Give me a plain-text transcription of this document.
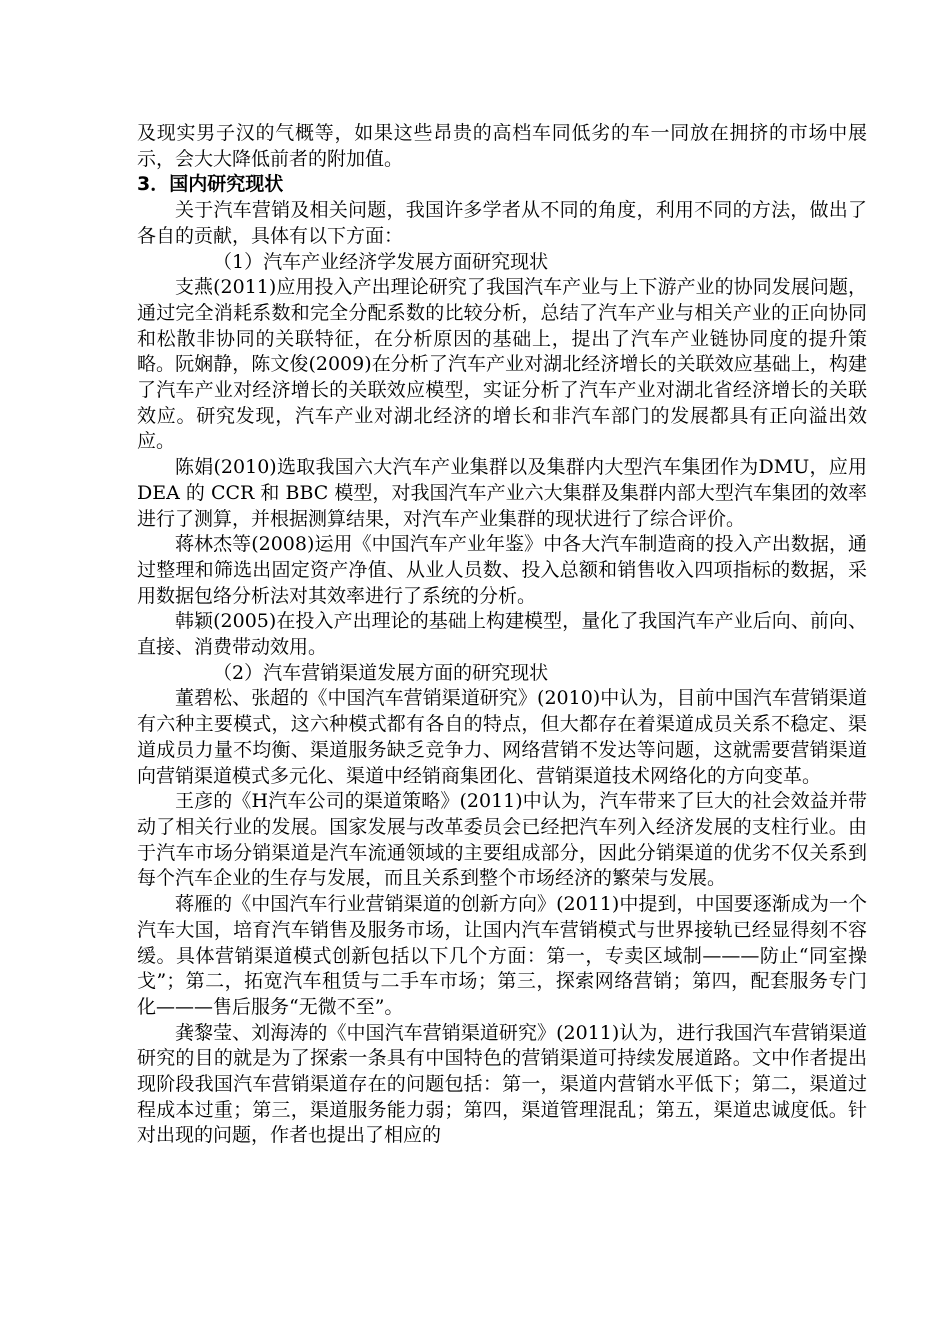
及现实男子汉的气概等，如果这些昂贵的高档车同低劣的车一同放在拥挤的市场中展示，会大大降低前者的附加值。

3．国内研究现状

关于汽车营销及相关问题，我国许多学者从不同的角度，利用不同的方法，做出了各自的贡献，具体有以下方面：

（1）汽车产业经济学发展方面研究现状

支燕(2011)应用投入产出理论研究了我国汽车产业与上下游产业的协同发展问题，通过完全消耗系数和完全分配系数的比较分析，总结了汽车产业与相关产业的正向协同和松散非协同的关联特征，在分析原因的基础上，提出了汽车产业链协同度的提升策略。阮娴静，陈文俊(2009)在分析了汽车产业对湖北经济增长的关联效应基础上，构建了汽车产业对经济增长的关联效应模型，实证分析了汽车产业对湖北省经济增长的关联效应。研究发现，汽车产业对湖北经济的增长和非汽车部门的发展都具有正向溢出效应。

陈娟(2010)选取我国六大汽车产业集群以及集群内大型汽车集团作为DMU，应用 DEA 的 CCR 和 BBC 模型，对我国汽车产业六大集群及集群内部大型汽车集团的效率进行了测算，并根据测算结果，对汽车产业集群的现状进行了综合评价。

蒋林杰等(2008)运用《中国汽车产业年鉴》中各大汽车制造商的投入产出数据，通过整理和筛选出固定资产净值、从业人员数、投入总额和销售收入四项指标的数据，采用数据包络分析法对其效率进行了系统的分析。

韩颖(2005)在投入产出理论的基础上构建模型，量化了我国汽车产业后向、前向、直接、消费带动效用。

（2）汽车营销渠道发展方面的研究现状

董碧松、张超的《中国汽车营销渠道研究》(2010)中认为，目前中国汽车营销渠道有六种主要模式，这六种模式都有各自的特点，但大都存在着渠道成员关系不稳定、渠道成员力量不均衡、渠道服务缺乏竞争力、网络营销不发达等问题，这就需要营销渠道向营销渠道模式多元化、渠道中经销商集团化、营销渠道技术网络化的方向变革。

王彦的《H汽车公司的渠道策略》(2011)中认为，汽车带来了巨大的社会效益并带动了相关行业的发展。国家发展与改革委员会已经把汽车列入经济发展的支柱行业。由于汽车市场分销渠道是汽车流通领域的主要组成部分，因此分销渠道的优劣不仅关系到每个汽车企业的生存与发展，而且关系到整个市场经济的繁荣与发展。

蒋雁的《中国汽车行业营销渠道的创新方向》(2011)中提到，中国要逐渐成为一个汽车大国，培育汽车销售及服务市场，让国内汽车营销模式与世界接轨已经显得刻不容缓。具体营销渠道模式创新包括以下几个方面：第一，专卖区域制———防止“同室操戈”；第二，拓宽汽车租赁与二手车市场；第三，探索网络营销；第四，配套服务专门化———售后服务“无微不至”。

龚黎莹、刘海涛的《中国汽车营销渠道研究》(2011)认为，进行我国汽车营销渠道研究的目的就是为了探索一条具有中国特色的营销渠道可持续发展道路。文中作者提出现阶段我国汽车营销渠道存在的问题包括：第一，渠道内营销水平低下；第二，渠道过程成本过重；第三，渠道服务能力弱；第四，渠道管理混乱；第五，渠道忠诚度低。针对出现的问题，作者也提出了相应的
